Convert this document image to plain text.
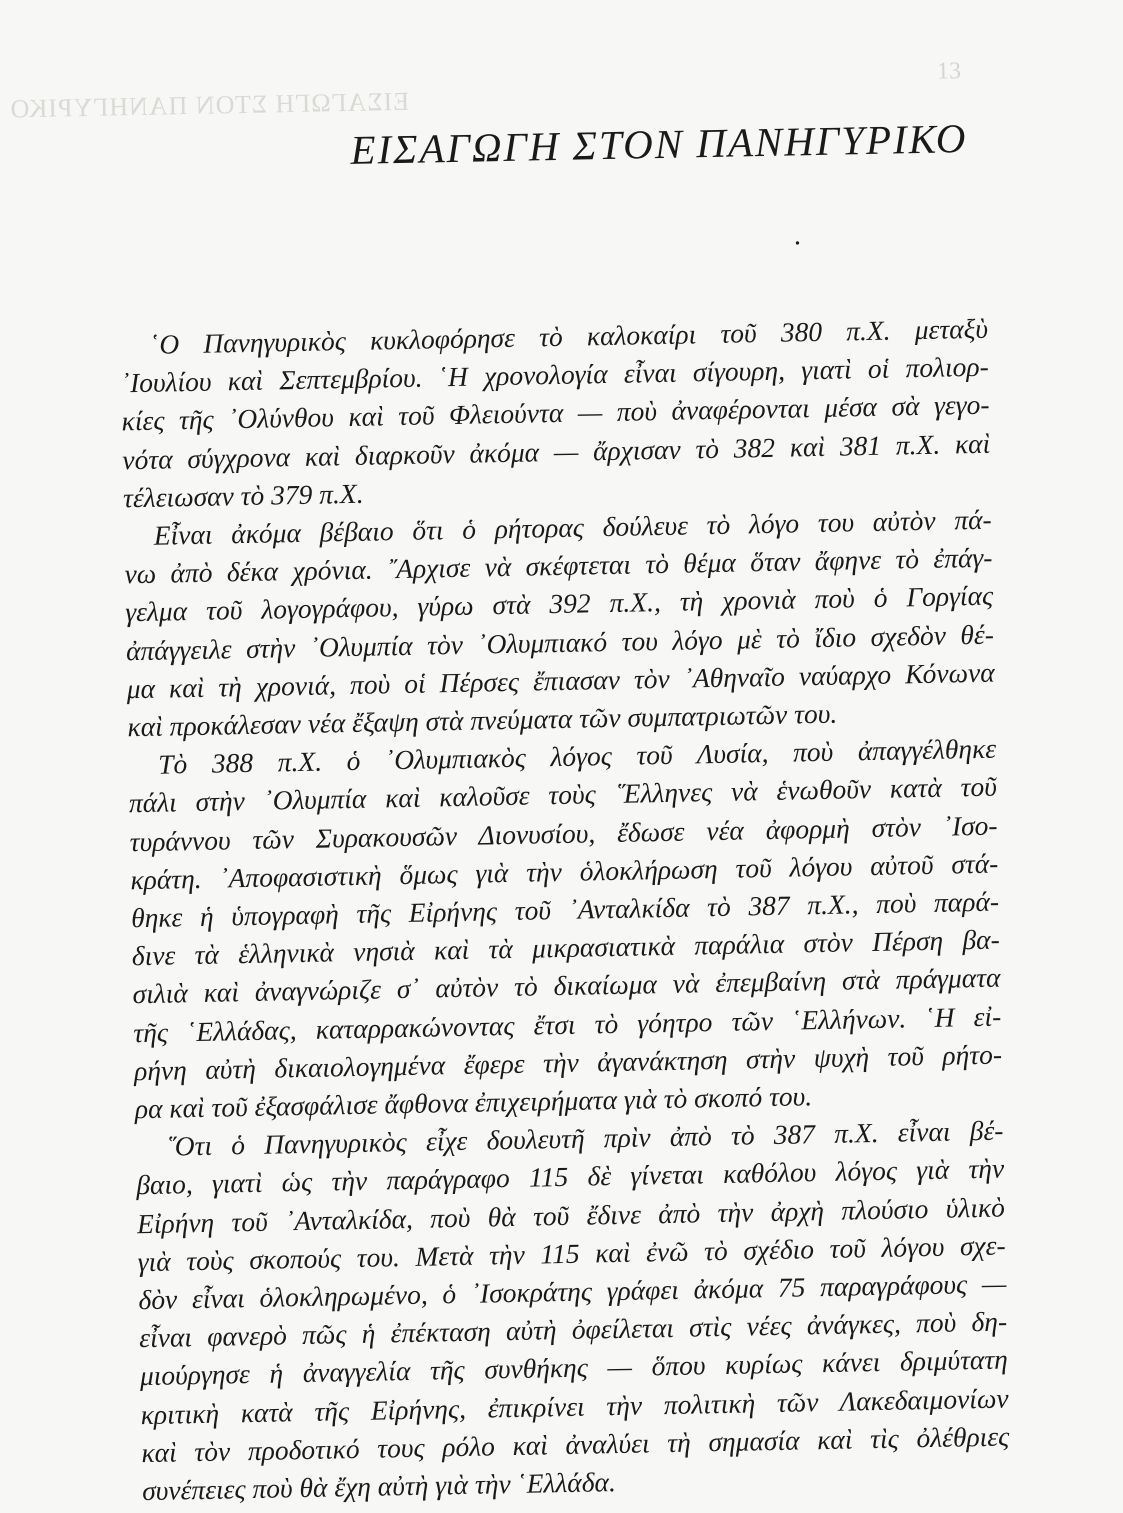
ΕΙΣΑΓΩΓΗ ΣΤΟΝ ΠΑΝΗΓΥΡΙΚΟ
13
ΕΙΣΑΓΩΓΗ ΣΤΟΝ ΠΑΝΗΓΥΡΙΚΟ
.

῾Ο Πανηγυρικὸς κυκλοφόρησε τὸ καλοκαίρι τοῦ 380 π.Χ. μεταξὺ
᾿Ιουλίου καὶ Σεπτεμβρίου. ῾Η χρονολογία εἶναι σίγουρη, γιατὶ οἱ πολιορ-
κίες τῆς ᾿Ολύνθου καὶ τοῦ Φλειούντα — ποὺ ἀναφέρονται μέσα σὰ γεγο-
νότα σύγχρονα καὶ διαρκοῦν ἀκόμα — ἄρχισαν τὸ 382 καὶ 381 π.Χ. καὶ
τέλειωσαν τὸ 379 π.Χ.

Εἶναι ἀκόμα βέβαιο ὅτι ὁ ρήτορας δούλευε τὸ λόγο του αὐτὸν πά-
νω ἀπὸ δέκα χρόνια. ῎Αρχισε νὰ σκέφτεται τὸ θέμα ὅταν ἄφηνε τὸ ἐπάγ-
γελμα τοῦ λογογράφου, γύρω στὰ 392 π.Χ., τὴ χρονιὰ ποὺ ὁ Γοργίας
ἀπάγγειλε στὴν ᾿Ολυμπία τὸν ᾿Ολυμπιακό του λόγο μὲ τὸ ἴδιο σχεδὸν θέ-
μα καὶ τὴ χρονιά, ποὺ οἱ Πέρσες ἔπιασαν τὸν ᾿Αθηναῖο ναύαρχο Κόνωνα
καὶ προκάλεσαν νέα ἔξαψη στὰ πνεύματα τῶν συμπατριωτῶν του.

Τὸ 388 π.Χ. ὁ ᾿Ολυμπιακὸς λόγος τοῦ Λυσία, ποὺ ἀπαγγέλθηκε
πάλι στὴν ᾿Ολυμπία καὶ καλοῦσε τοὺς ῞Ελληνες νὰ ἑνωθοῦν κατὰ τοῦ
τυράννου τῶν Συρακουσῶν Διονυσίου, ἔδωσε νέα ἀφορμὴ στὸν ᾿Ισο-
κράτη. ᾿Αποφασιστικὴ ὅμως γιὰ τὴν ὁλοκλήρωση τοῦ λόγου αὐτοῦ στά-
θηκε ἡ ὑπογραφὴ τῆς Εἰρήνης τοῦ ᾿Ανταλκίδα τὸ 387 π.Χ., ποὺ παρά-
δινε τὰ ἑλληνικὰ νησιὰ καὶ τὰ μικρασιατικὰ παράλια στὸν Πέρση βα-
σιλιὰ καὶ ἀναγνώριζε σ᾿ αὐτὸν τὸ δικαίωμα νὰ ἐπεμβαίνη στὰ πράγματα
τῆς ῾Ελλάδας, καταρρακώνοντας ἔτσι τὸ γόητρο τῶν ῾Ελλήνων. ῾Η εἰ-
ρήνη αὐτὴ δικαιολογημένα ἔφερε τὴν ἀγανάκτηση στὴν ψυχὴ τοῦ ρήτο-
ρα καὶ τοῦ ἐξασφάλισε ἄφθονα ἐπιχειρήματα γιὰ τὸ σκοπό του.

῞Οτι ὁ Πανηγυρικὸς εἶχε δουλευτῆ πρὶν ἀπὸ τὸ 387 π.Χ. εἶναι βέ-
βαιο, γιατὶ ὡς τὴν παράγραφο 115 δὲ γίνεται καθόλου λόγος γιὰ τὴν
Εἰρήνη τοῦ ᾿Ανταλκίδα, ποὺ θὰ τοῦ ἔδινε ἀπὸ τὴν ἀρχὴ πλούσιο ὑλικὸ
γιὰ τοὺς σκοπούς του. Μετὰ τὴν 115 καὶ ἐνῶ τὸ σχέδιο τοῦ λόγου σχε-
δὸν εἶναι ὁλοκληρωμένο, ὁ ᾿Ισοκράτης γράφει ἀκόμα 75 παραγράφους —
εἶναι φανερὸ πῶς ἡ ἐπέκταση αὐτὴ ὀφείλεται στὶς νέες ἀνάγκες, ποὺ δη-
μιούργησε ἡ ἀναγγελία τῆς συνθήκης — ὅπου κυρίως κάνει δριμύτατη
κριτικὴ κατὰ τῆς Εἰρήνης, ἐπικρίνει τὴν πολιτικὴ τῶν Λακεδαιμονίων
καὶ τὸν προδοτικό τους ρόλο καὶ ἀναλύει τὴ σημασία καὶ τὶς ὀλέθριες
συνέπειες ποὺ θὰ ἔχη αὐτὴ γιὰ τὴν ῾Ελλάδα.
